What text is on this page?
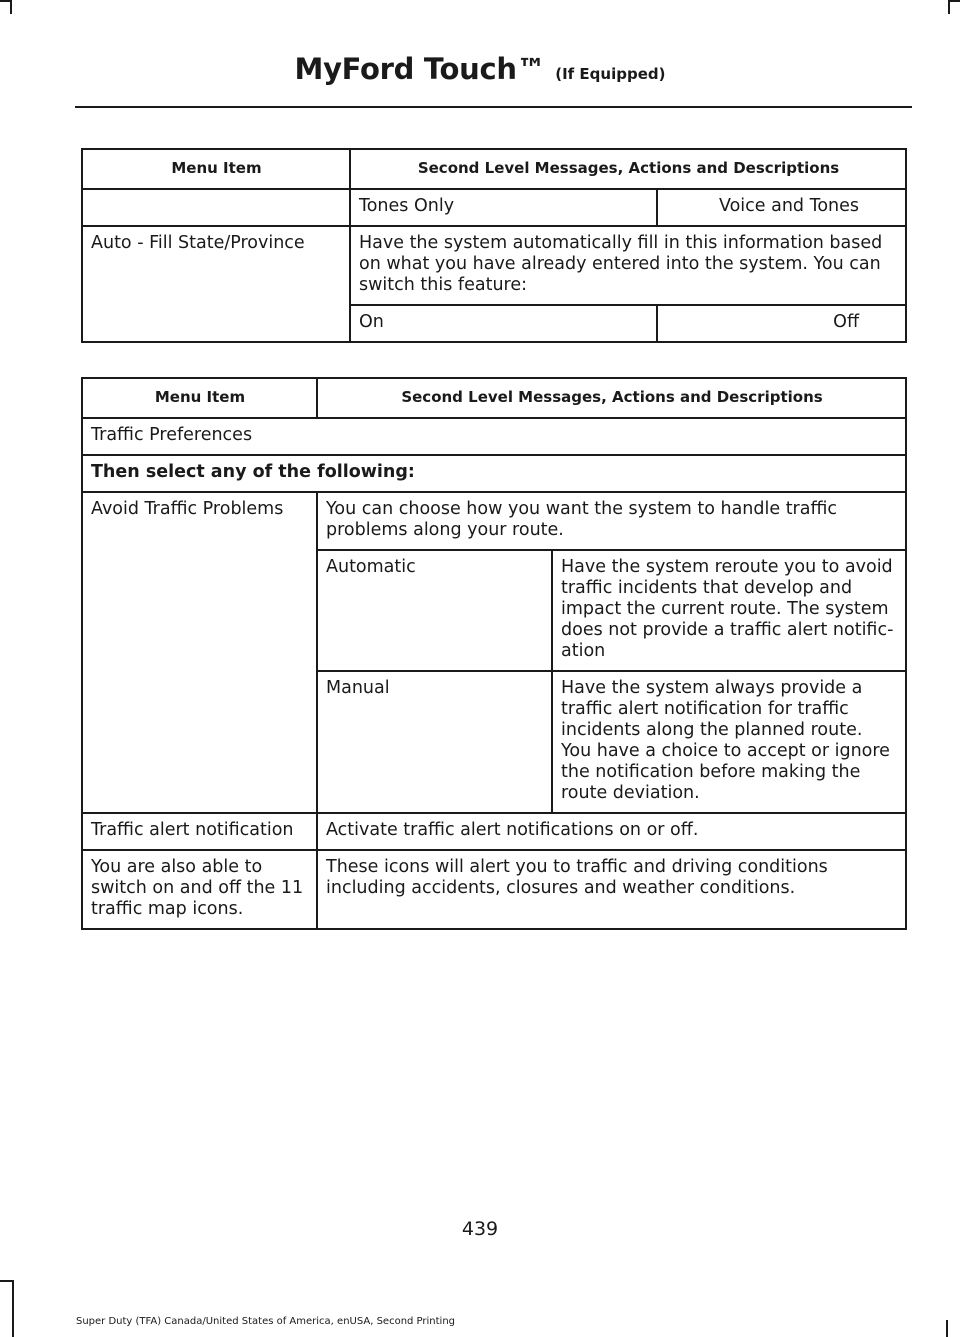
MyFord Touch™ (If Equipped)
Menu Item	Second Level Messages, Actions and Descriptions	
	Tones Only	Voice and Tones
Auto - Fill State/Province	Have the system automatically fill in this information based on what you have already entered into the system. You can switch this feature:	
	On	Off
Menu Item	Second Level Messages, Actions and Descriptions	
Traffic Preferences		
Then select any of the following:		
Avoid Traffic Problems	You can choose how you want the system to handle traffic problems along your route.	
	Automatic	Have the system reroute you to avoid traffic incidents that develop and impact the current route. The system does not provide a traffic alert notific-ation
	Manual	Have the system always provide a traffic alert notification for traffic incidents along the planned route. You have a choice to accept or ignore the notification before making the route deviation.
Traffic alert notification	Activate traffic alert notifications on or off.	
You are also able to switch on and off the 11 traffic map icons.	These icons will alert you to traffic and driving conditions including accidents, closures and weather conditions.	
439
Super Duty (TFA) Canada/United States of America, enUSA, Second Printing
